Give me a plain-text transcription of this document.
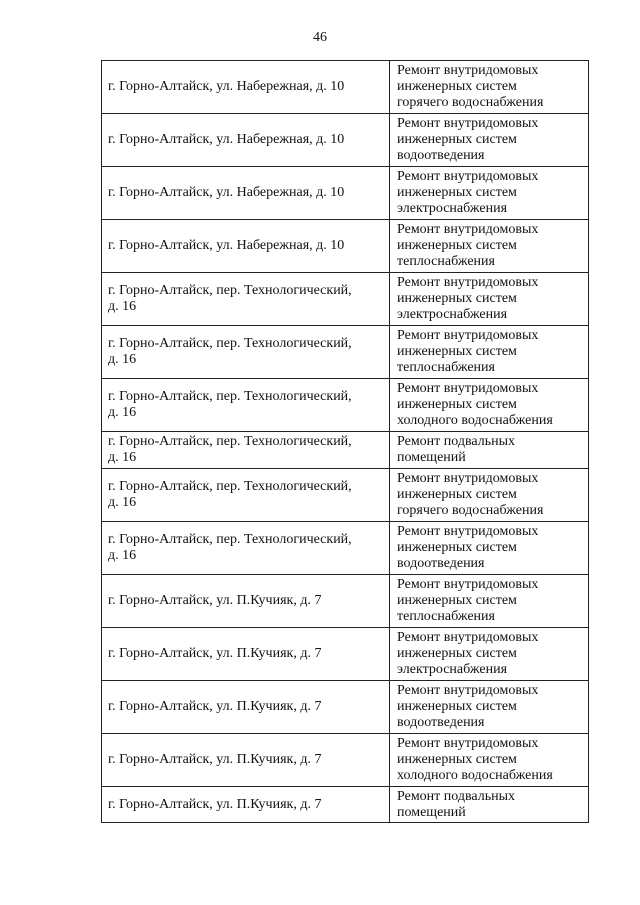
46
г. Горно-Алтайск, ул. Набережная, д. 10	Ремонт внутридомовых
инженерных систем
горячего водоснабжения

г. Горно-Алтайск, ул. Набережная, д. 10	Ремонт внутридомовых
инженерных систем
водоотведения

г. Горно-Алтайск, ул. Набережная, д. 10	Ремонт внутридомовых
инженерных систем
электроснабжения

г. Горно-Алтайск, ул. Набережная, д. 10	Ремонт внутридомовых
инженерных систем
теплоснабжения

г. Горно-Алтайск, пер. Технологический,
д. 16	Ремонт внутридомовых
инженерных систем
электроснабжения

г. Горно-Алтайск, пер. Технологический,
д. 16	Ремонт внутридомовых
инженерных систем
теплоснабжения

г. Горно-Алтайск, пер. Технологический,
д. 16	Ремонт внутридомовых
инженерных систем
холодного водоснабжения

г. Горно-Алтайск, пер. Технологический,
д. 16	Ремонт подвальных
помещений

г. Горно-Алтайск, пер. Технологический,
д. 16	Ремонт внутридомовых
инженерных систем
горячего водоснабжения

г. Горно-Алтайск, пер. Технологический,
д. 16	Ремонт внутридомовых
инженерных систем
водоотведения

г. Горно-Алтайск, ул. П.Кучияк, д. 7	Ремонт внутридомовых
инженерных систем
теплоснабжения

г. Горно-Алтайск, ул. П.Кучияк, д. 7	Ремонт внутридомовых
инженерных систем
электроснабжения

г. Горно-Алтайск, ул. П.Кучияк, д. 7	Ремонт внутридомовых
инженерных систем
водоотведения

г. Горно-Алтайск, ул. П.Кучияк, д. 7	Ремонт внутридомовых
инженерных систем
холодного водоснабжения

г. Горно-Алтайск, ул. П.Кучияк, д. 7	Ремонт подвальных
помещений
